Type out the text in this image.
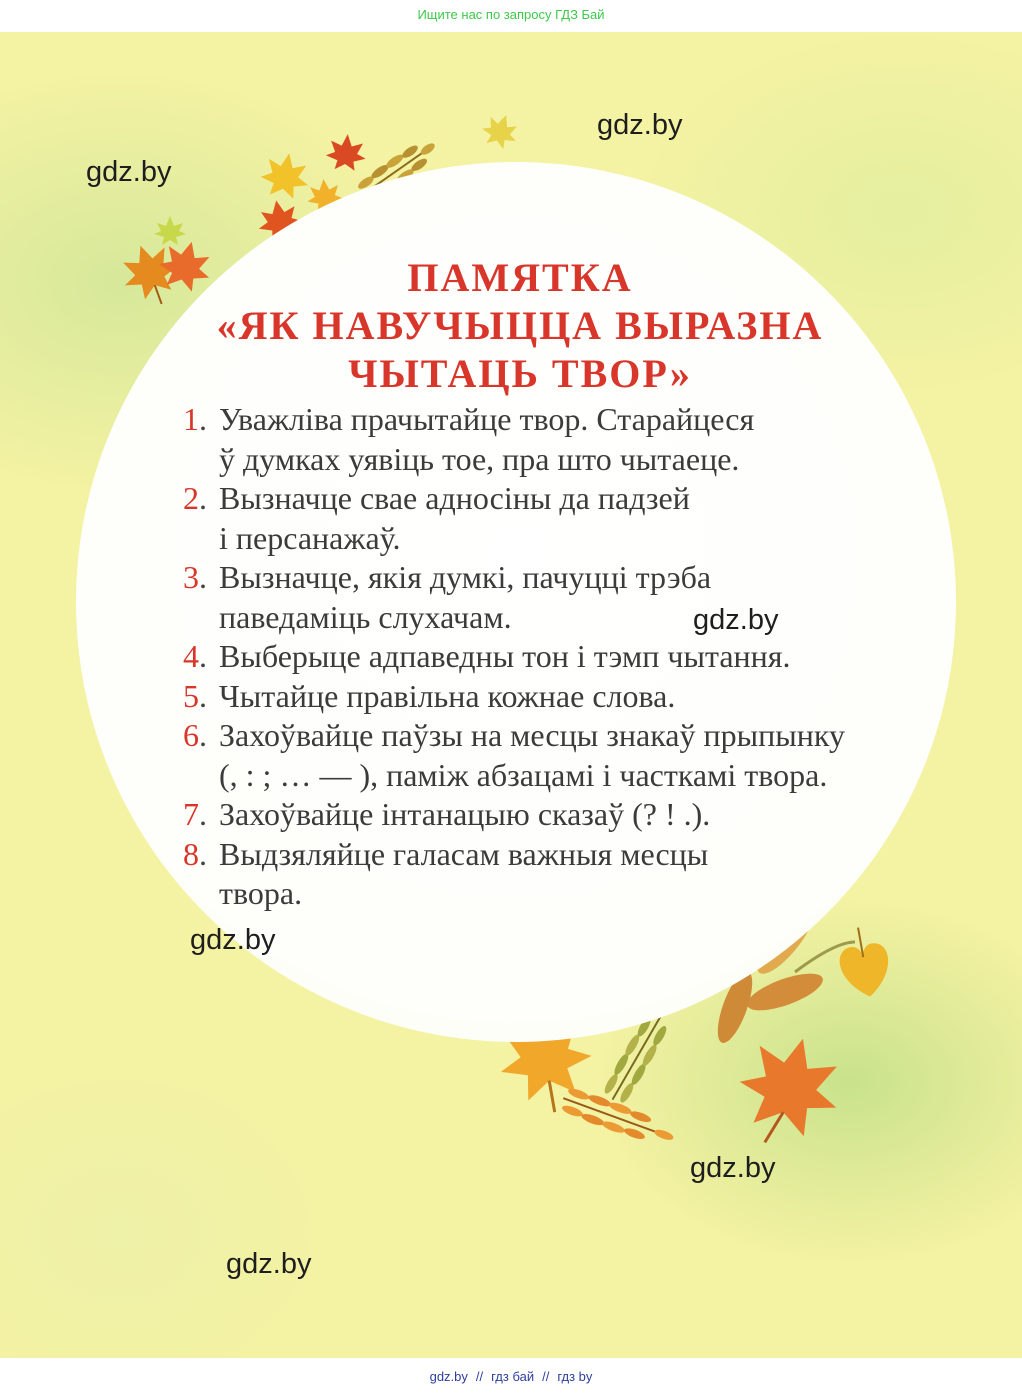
Ищите нас по запросу ГДЗ Бай
ПАМЯТКА
«ЯК НАВУЧЫЦЦА ВЫРАЗНА
ЧЫТАЦЬ ТВОР»
1. Уважліва прачытайце твор. Старайцеся
ў думках уявіць тое, пра што чытаеце.
2. Вызначце сваe адносіны да падзей
і персанажаў.
3. Вызначце, якія думкі, пачуцці трэба
паведаміць слухачам.
4. Выберыце адпаведны тон і тэмп чытання.
5. Чытайце правільна кожнае слова.
6. Захоўвайце паўзы на месцы знакаў прыпынку
(, : ; … — ), паміж абзацамі і часткамі твора.
7. Захоўвайце інтанацыю сказаў (? ! .).
8. Выдзяляйце галасам важныя месцы
твора.
gdz.by
gdz.by
gdz.by
gdz.by
gdz.by
gdz.by
gdz.by // гдз бай // гдз by
